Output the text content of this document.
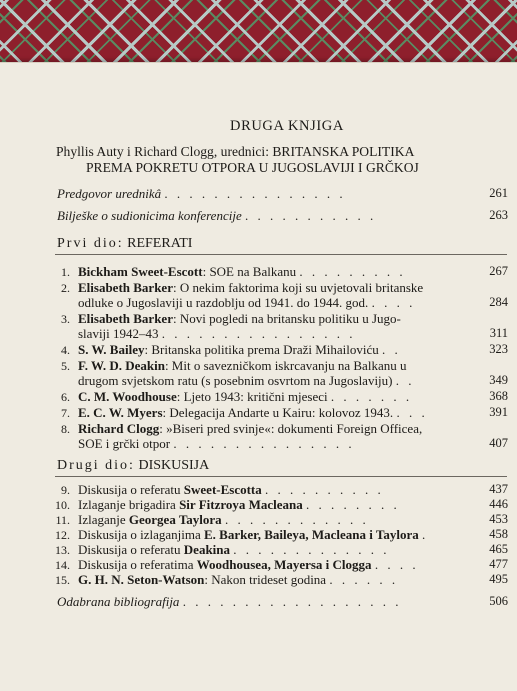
DRUGA KNJIGA
Phyllis Auty i Richard Clogg, urednici: BRITANSKA POLITIKA
PREMA POKRETU OTPORA U JUGOSLAVIJI I GRČKOJ
Predgovor urednikâ . . . . . . . . . . . . . . .	261
Bilješke o sudionicima konferencije . . . . . . . . . . .	263
Prvi dio: REFERATI
1. Bickham Sweet-Escott: SOE na Balkanu . . . . . . . . .	267
2. Elisabeth Barker: O nekim faktorima koji su uvjetovali britanske
odluke o Jugoslaviji u razdoblju od 1941. do 1944. god. . . . .	284
3. Elisabeth Barker: Novi pogledi na britansku politiku u Jugo-
slaviji 1942–43 . . . . . . . . . . . . . . . .	311
4. S. W. Bailey: Britanska politika prema Draži Mihailoviću . .	323
5. F. W. D. Deakin: Mit o savezničkom iskrcavanju na Balkanu u
drugom svjetskom ratu (s posebnim osvrtom na Jugoslaviju) . .	349
6. C. M. Woodhouse: Ljeto 1943: kritični mjeseci . . . . . . .	368
7. E. C. W. Myers: Delegacija Andarte u Kairu: kolovoz 1943. . . .	391
8. Richard Clogg: »Biseri pred svinje«: dokumenti Foreign Officea,
SOE i grčki otpor . . . . . . . . . . . . . . .	407
Drugi dio: DISKUSIJA
9. Diskusija o referatu Sweet-Escotta . . . . . . . . . .	437
10. Izlaganje brigadira Sir Fitzroya Macleana . . . . . . . .	446
11. Izlaganje Georgea Taylora . . . . . . . . . . . .	453
12. Diskusija o izlaganjima E. Barker, Baileya, Macleana i Taylora .	458
13. Diskusija o referatu Deakina . . . . . . . . . . . . .	465
14. Diskusija o referatima Woodhousea, Mayersa i Clogga . . . .	477
15. G. H. N. Seton-Watson: Nakon trideset godina . . . . . .	495
Odabrana bibliografija . . . . . . . . . . . . . . . . . .	506
